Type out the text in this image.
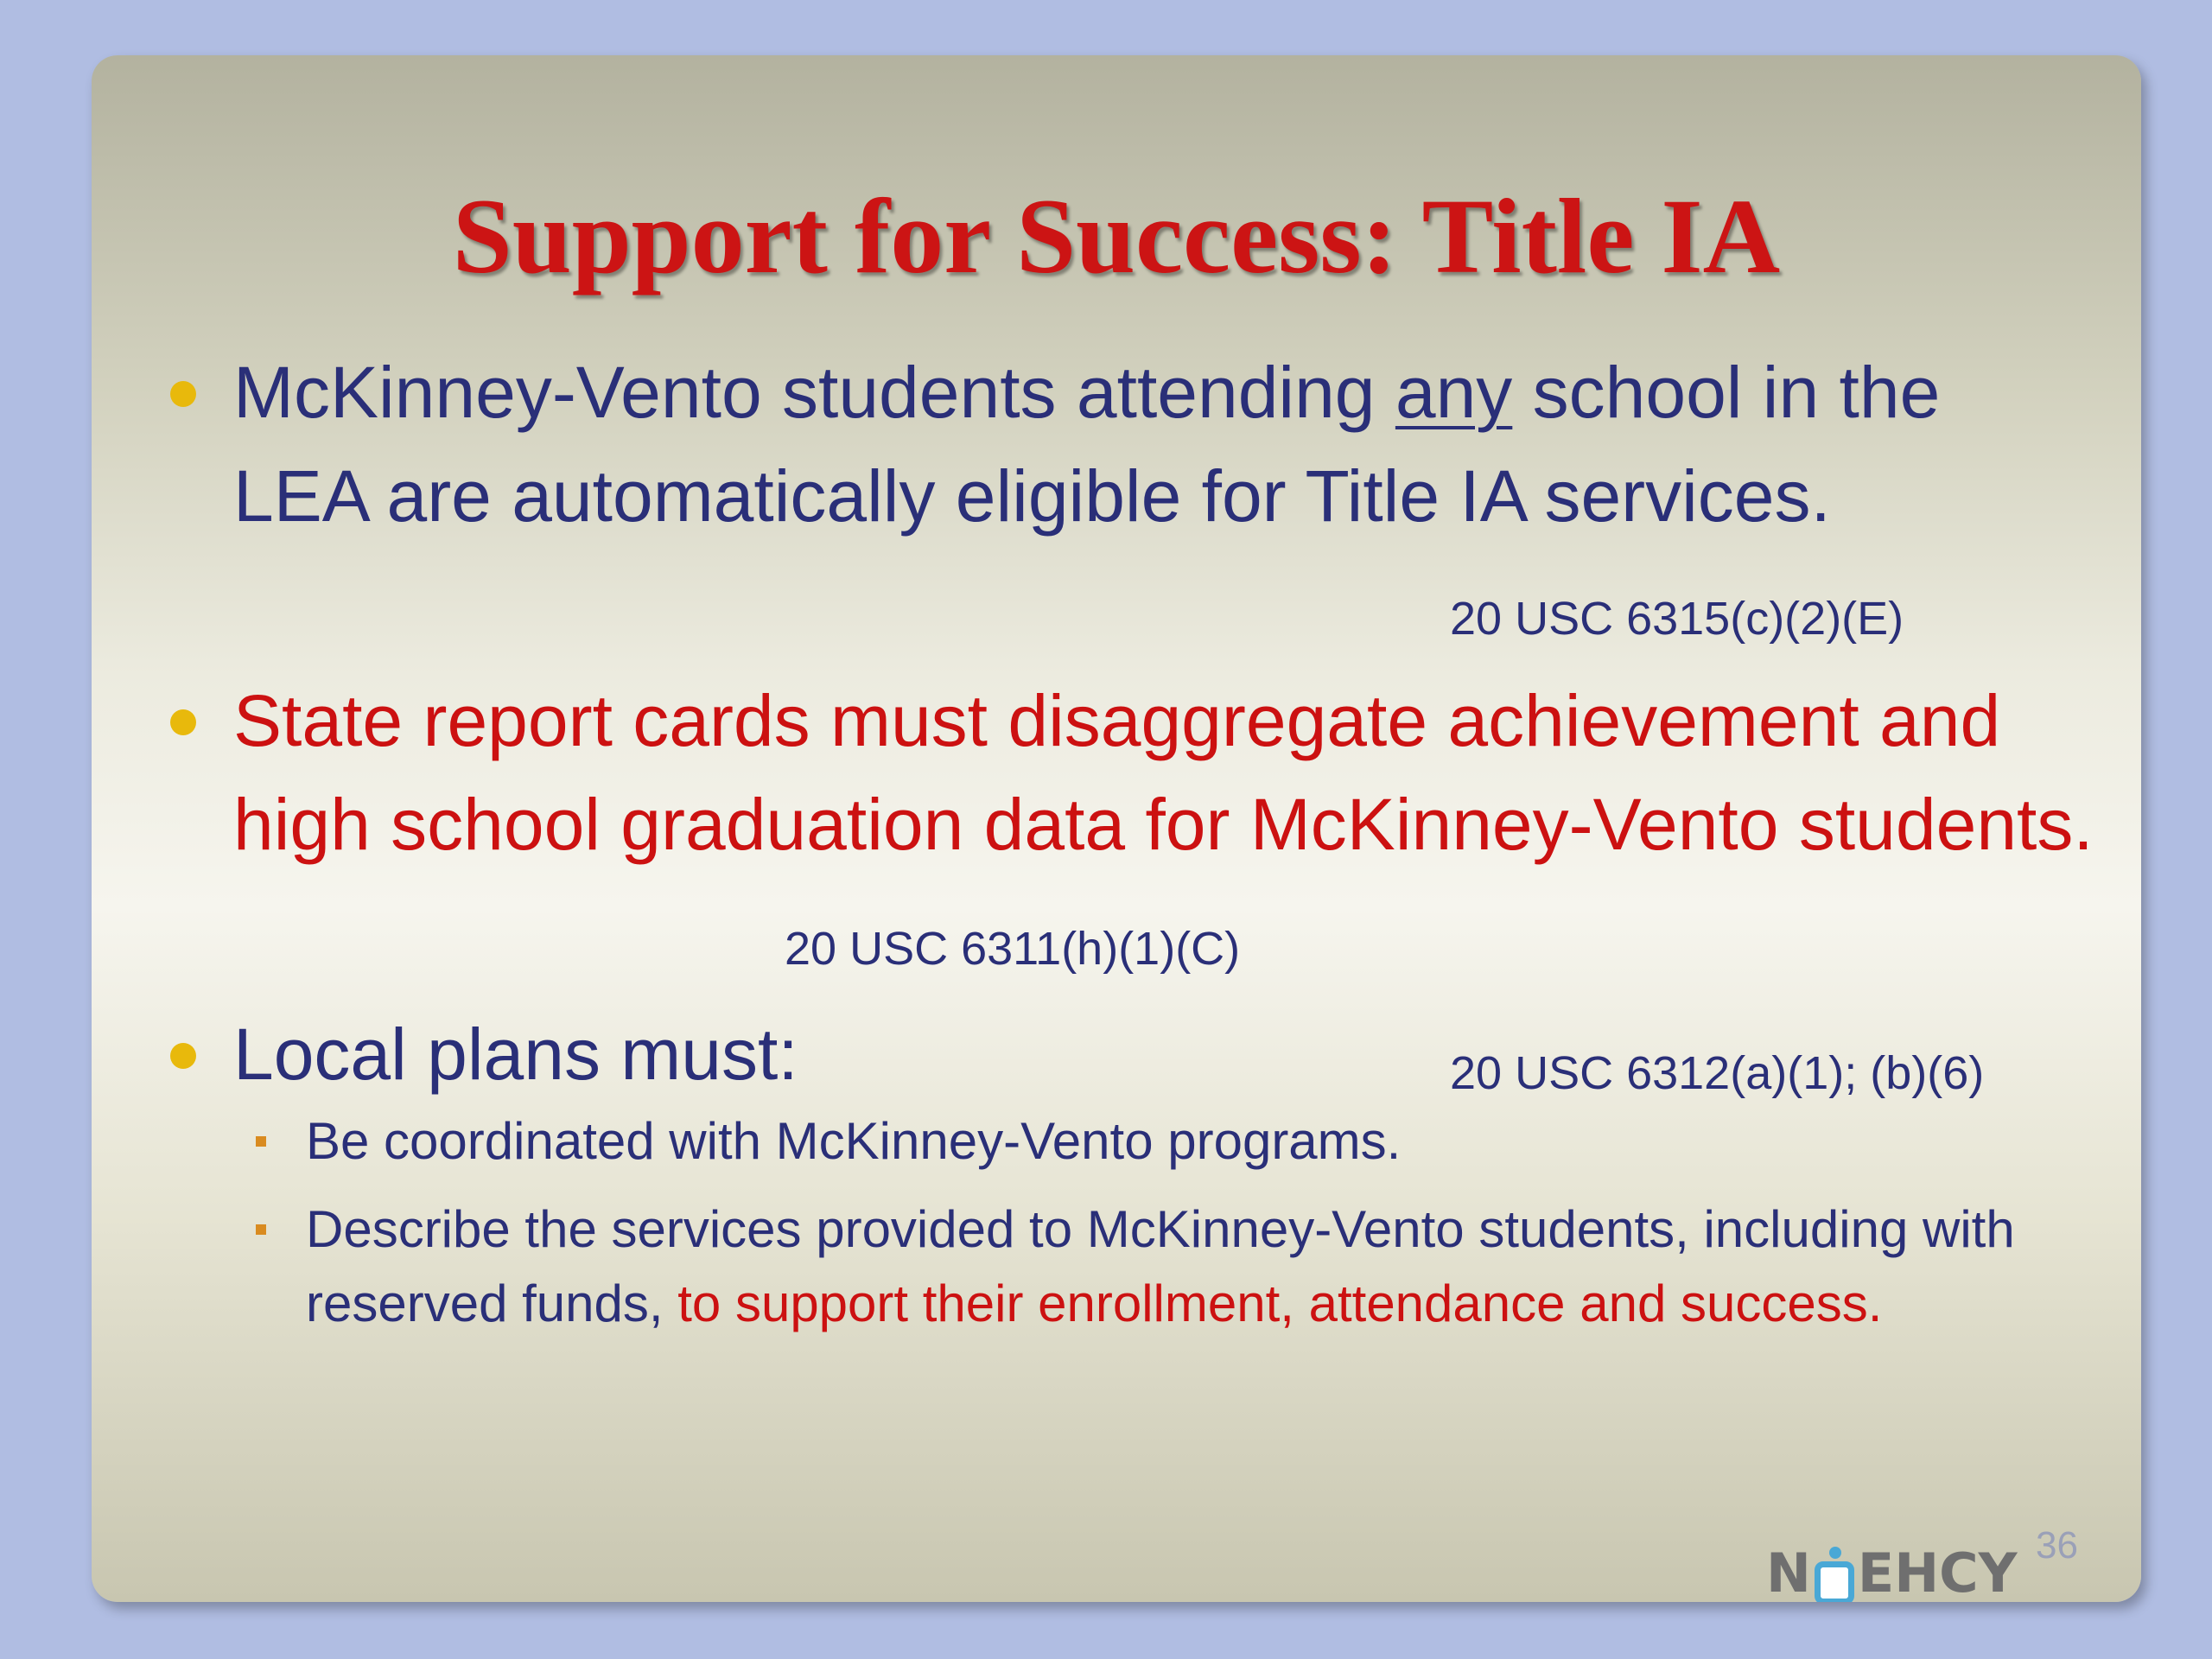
Support for Success: Title IA

McKinney-Vento students attending any school in the LEA are automatically eligible for Title IA services.

20 USC 6315(c)(2)(E)

State report cards must disaggregate achievement and high school graduation data for McKinney-Vento students.

20 USC 6311(h)(1)(C)

Local plans must:	20 USC 6312(a)(1); (b)(6)

Be coordinated with McKinney-Vento programs.

Describe the services provided to McKinney-Vento students, including with reserved funds, to support their enrollment, attendance and success.

N EHCY 36
